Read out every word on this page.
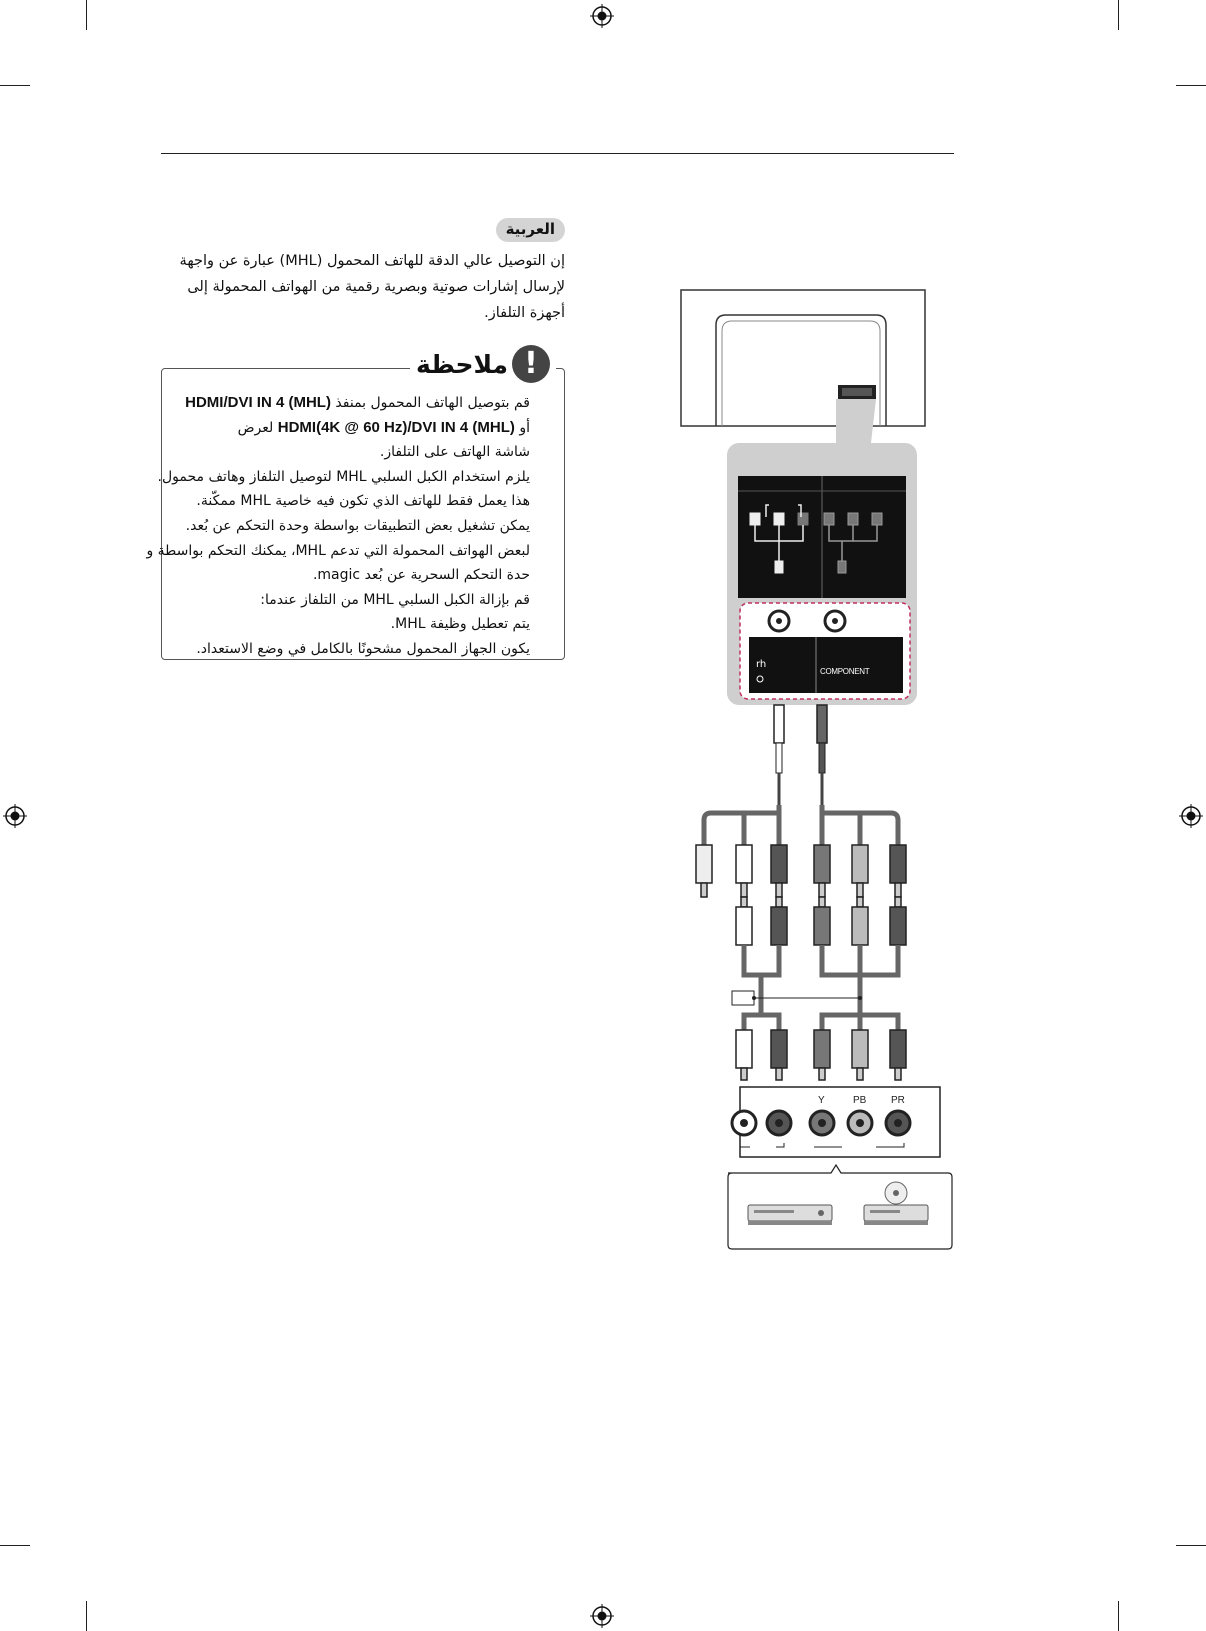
العربية

إن التوصيل عالي الدقة للهاتف المحمول (MHL) عبارة عن واجهة لإرسال إشارات صوتية وبصرية رقمية من الهواتف المحمولة إلى أجهزة التلفاز.

!
ملاحظة
قم بتوصيل الهاتف المحمول بمنفذ HDMI/DVI IN 4 (MHL)
أو HDMI(4K @ 60 Hz)/DVI IN 4 (MHL) لعرض
شاشة الهاتف على التلفاز.
يلزم استخدام الكبل السلبي MHL لتوصيل التلفاز وهاتف محمول.
هذا يعمل فقط للهاتف الذي تكون فيه خاصية MHL ممكّنة.
يمكن تشغيل بعض التطبيقات بواسطة وحدة التحكم عن بُعد.
لبعض الهواتف المحمولة التي تدعم MHL، يمكنك التحكم بواسطة و
حدة التحكم السحرية عن بُعد magic.
قم بإزالة الكبل السلبي MHL من التلفاز عندما:
يتم تعطيل وظيفة MHL.
يكون الجهاز المحمول مشحونًا بالكامل في وضع الاستعداد.
rh
COMPONENT
Y	PB PR
